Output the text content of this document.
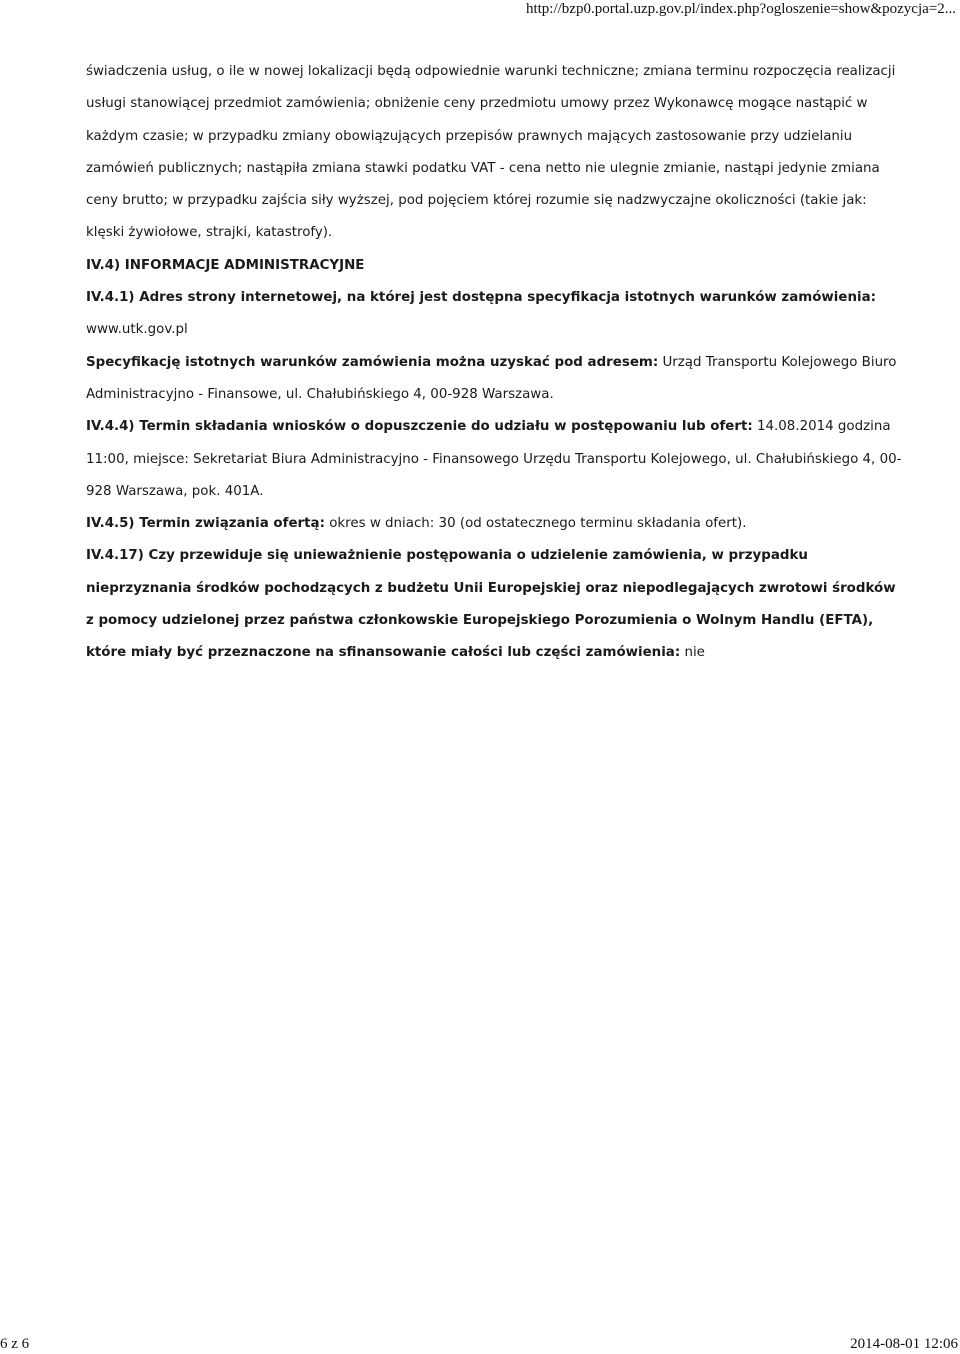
http://bzp0.portal.uzp.gov.pl/index.php?ogloszenie=show&pozycja=2...

świadczenia usług, o ile w nowej lokalizacji będą odpowiednie warunki techniczne; zmiana terminu rozpoczęcia realizacji usługi stanowiącej przedmiot zamówienia; obniżenie ceny przedmiotu umowy przez Wykonawcę mogące nastąpić w każdym czasie; w przypadku zmiany obowiązujących przepisów prawnych mających zastosowanie przy udzielaniu zamówień publicznych; nastąpiła zmiana stawki podatku VAT - cena netto nie ulegnie zmianie, nastąpi jedynie zmiana ceny brutto; w przypadku zajścia siły wyższej, pod pojęciem której rozumie się nadzwyczajne okoliczności (takie jak: klęski żywiołowe, strajki, katastrofy).

IV.4) INFORMACJE ADMINISTRACYJNE

IV.4.1) Adres strony internetowej, na której jest dostępna specyfikacja istotnych warunków zamówienia:
www.utk.gov.pl

Specyfikację istotnych warunków zamówienia można uzyskać pod adresem: Urząd Transportu Kolejowego Biuro Administracyjno - Finansowe, ul. Chałubińskiego 4, 00-928 Warszawa.

IV.4.4) Termin składania wniosków o dopuszczenie do udziału w postępowaniu lub ofert: 14.08.2014 godzina 11:00, miejsce: Sekretariat Biura Administracyjno - Finansowego Urzędu Transportu Kolejowego, ul. Chałubińskiego 4, 00-928 Warszawa, pok. 401A.

IV.4.5) Termin związania ofertą: okres w dniach: 30 (od ostatecznego terminu składania ofert).

IV.4.17) Czy przewiduje się unieważnienie postępowania o udzielenie zamówienia, w przypadku nieprzyznania środków pochodzących z budżetu Unii Europejskiej oraz niepodlegających zwrotowi środków z pomocy udzielonej przez państwa członkowskie Europejskiego Porozumienia o Wolnym Handlu (EFTA), które miały być przeznaczone na sfinansowanie całości lub części zamówienia: nie

6 z 6	2014-08-01 12:06
